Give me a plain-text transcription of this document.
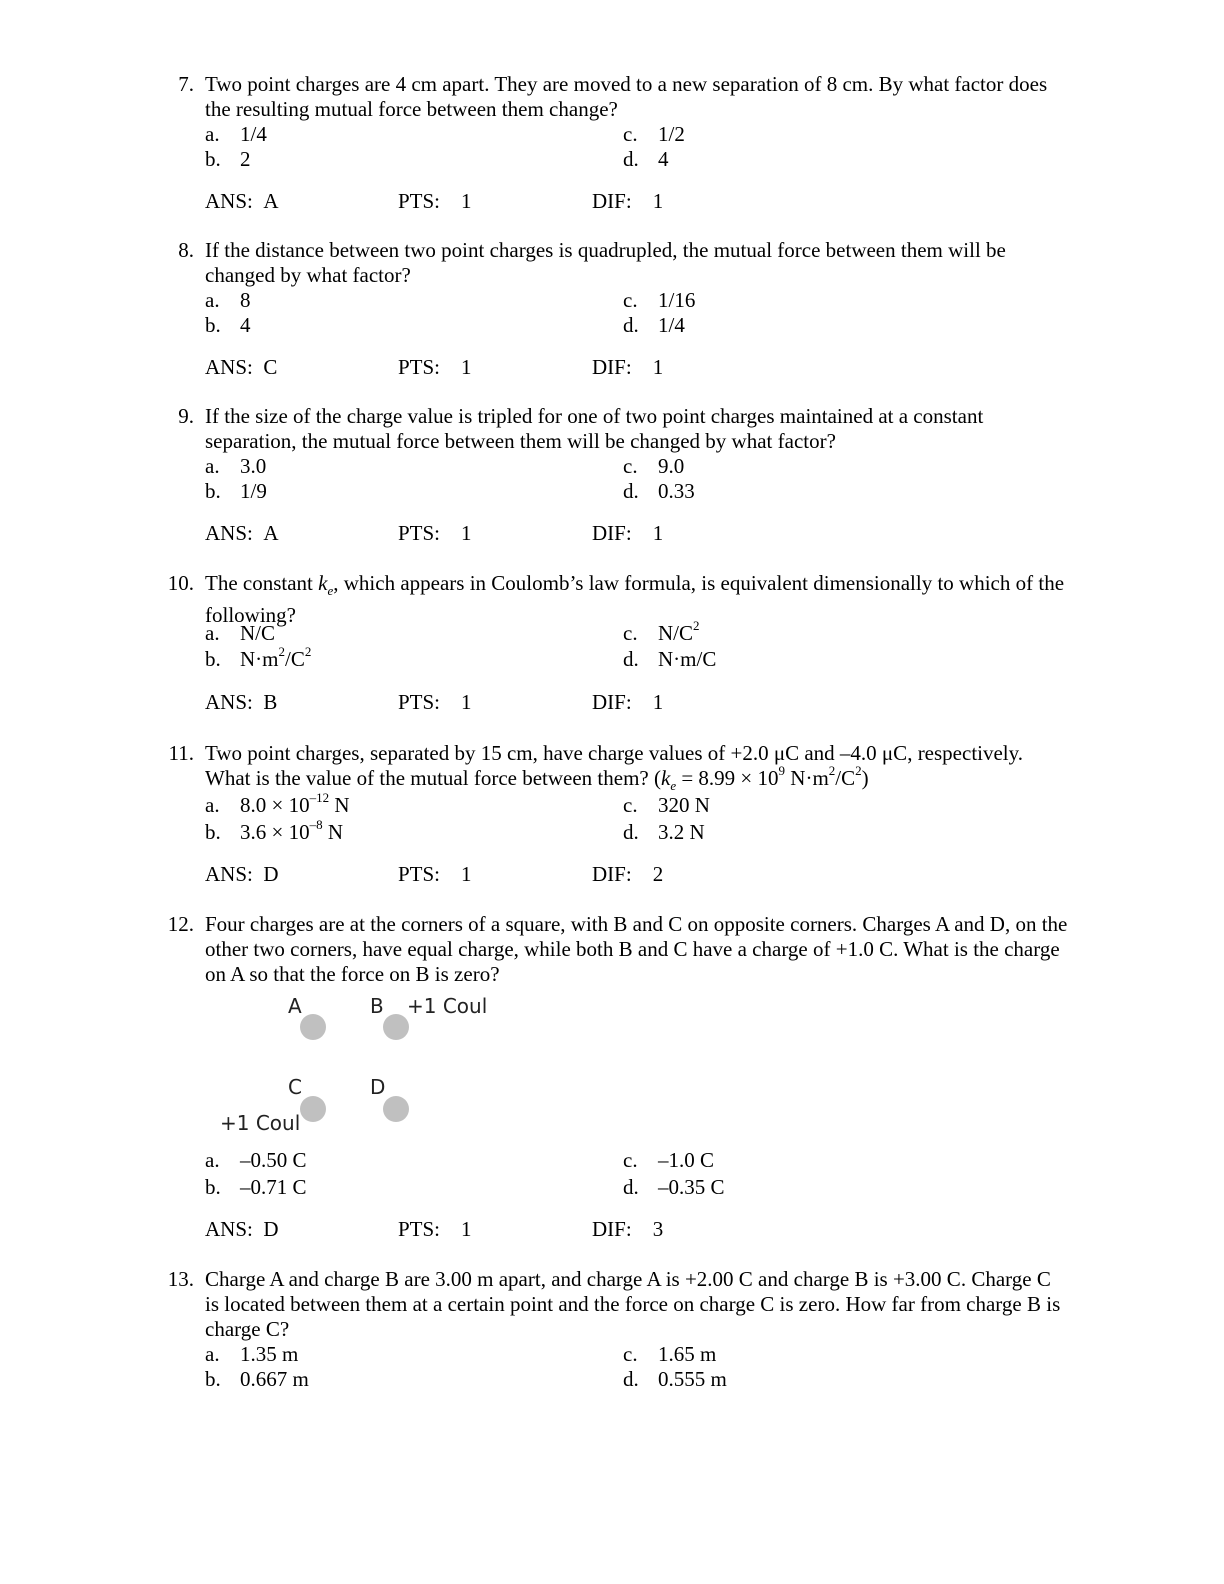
7. Two point charges are 4 cm apart. They are moved to a new separation of 8 cm. By what factor does
the resulting mutual force between them change?
a. 1/4
b. 2
c. 1/2
d. 4
ANS: A	PTS: 1	DIF: 1
8. If the distance between two point charges is quadrupled, the mutual force between them will be
changed by what factor?
a. 8
b. 4
c. 1/16
d. 1/4
ANS: C	PTS: 1	DIF: 1
9. If the size of the charge value is tripled for one of two point charges maintained at a constant
separation, the mutual force between them will be changed by what factor?
a. 3.0
b. 1/9
c. 9.0
d. 0.33
ANS: A	PTS: 1	DIF: 1
10. The constant $k_e$, which appears in Coulomb’s law formula, is equivalent dimensionally to which of the
following?
a. N/C
b. $N\cdot m^2/C^2$
c. $N/C^2$
d. N·m/C
ANS: B	PTS: 1	DIF: 1
11. Two point charges, separated by 15 cm, have charge values of +2.0 μC and –4.0 μC, respectively.
What is the value of the mutual force between them? ($k_e = 8.99 \times 10^9$ $N\cdot m^2/C^2$)
a. $8.0 \times 10^{-12}$ N
b. $3.6 \times 10^{-8}$ N
c. 320 N
d. 3.2 N
ANS: D	PTS: 1	DIF: 2
12. Four charges are at the corners of a square, with B and C on opposite corners. Charges A and D, on the
other two corners, have equal charge, while both B and C have a charge of +1.0 C. What is the charge
on A so that the force on B is zero?
A	B +1 Coul
C	D
+1 Coul
a. –0.50 C
b. –0.71 C
c. –1.0 C
d. –0.35 C
ANS: D	PTS: 1	DIF: 3
13. Charge A and charge B are 3.00 m apart, and charge A is +2.00 C and charge B is +3.00 C. Charge C
is located between them at a certain point and the force on charge C is zero. How far from charge B is
charge C?
a. 1.35 m
b. 0.667 m
c. 1.65 m
d. 0.555 m
